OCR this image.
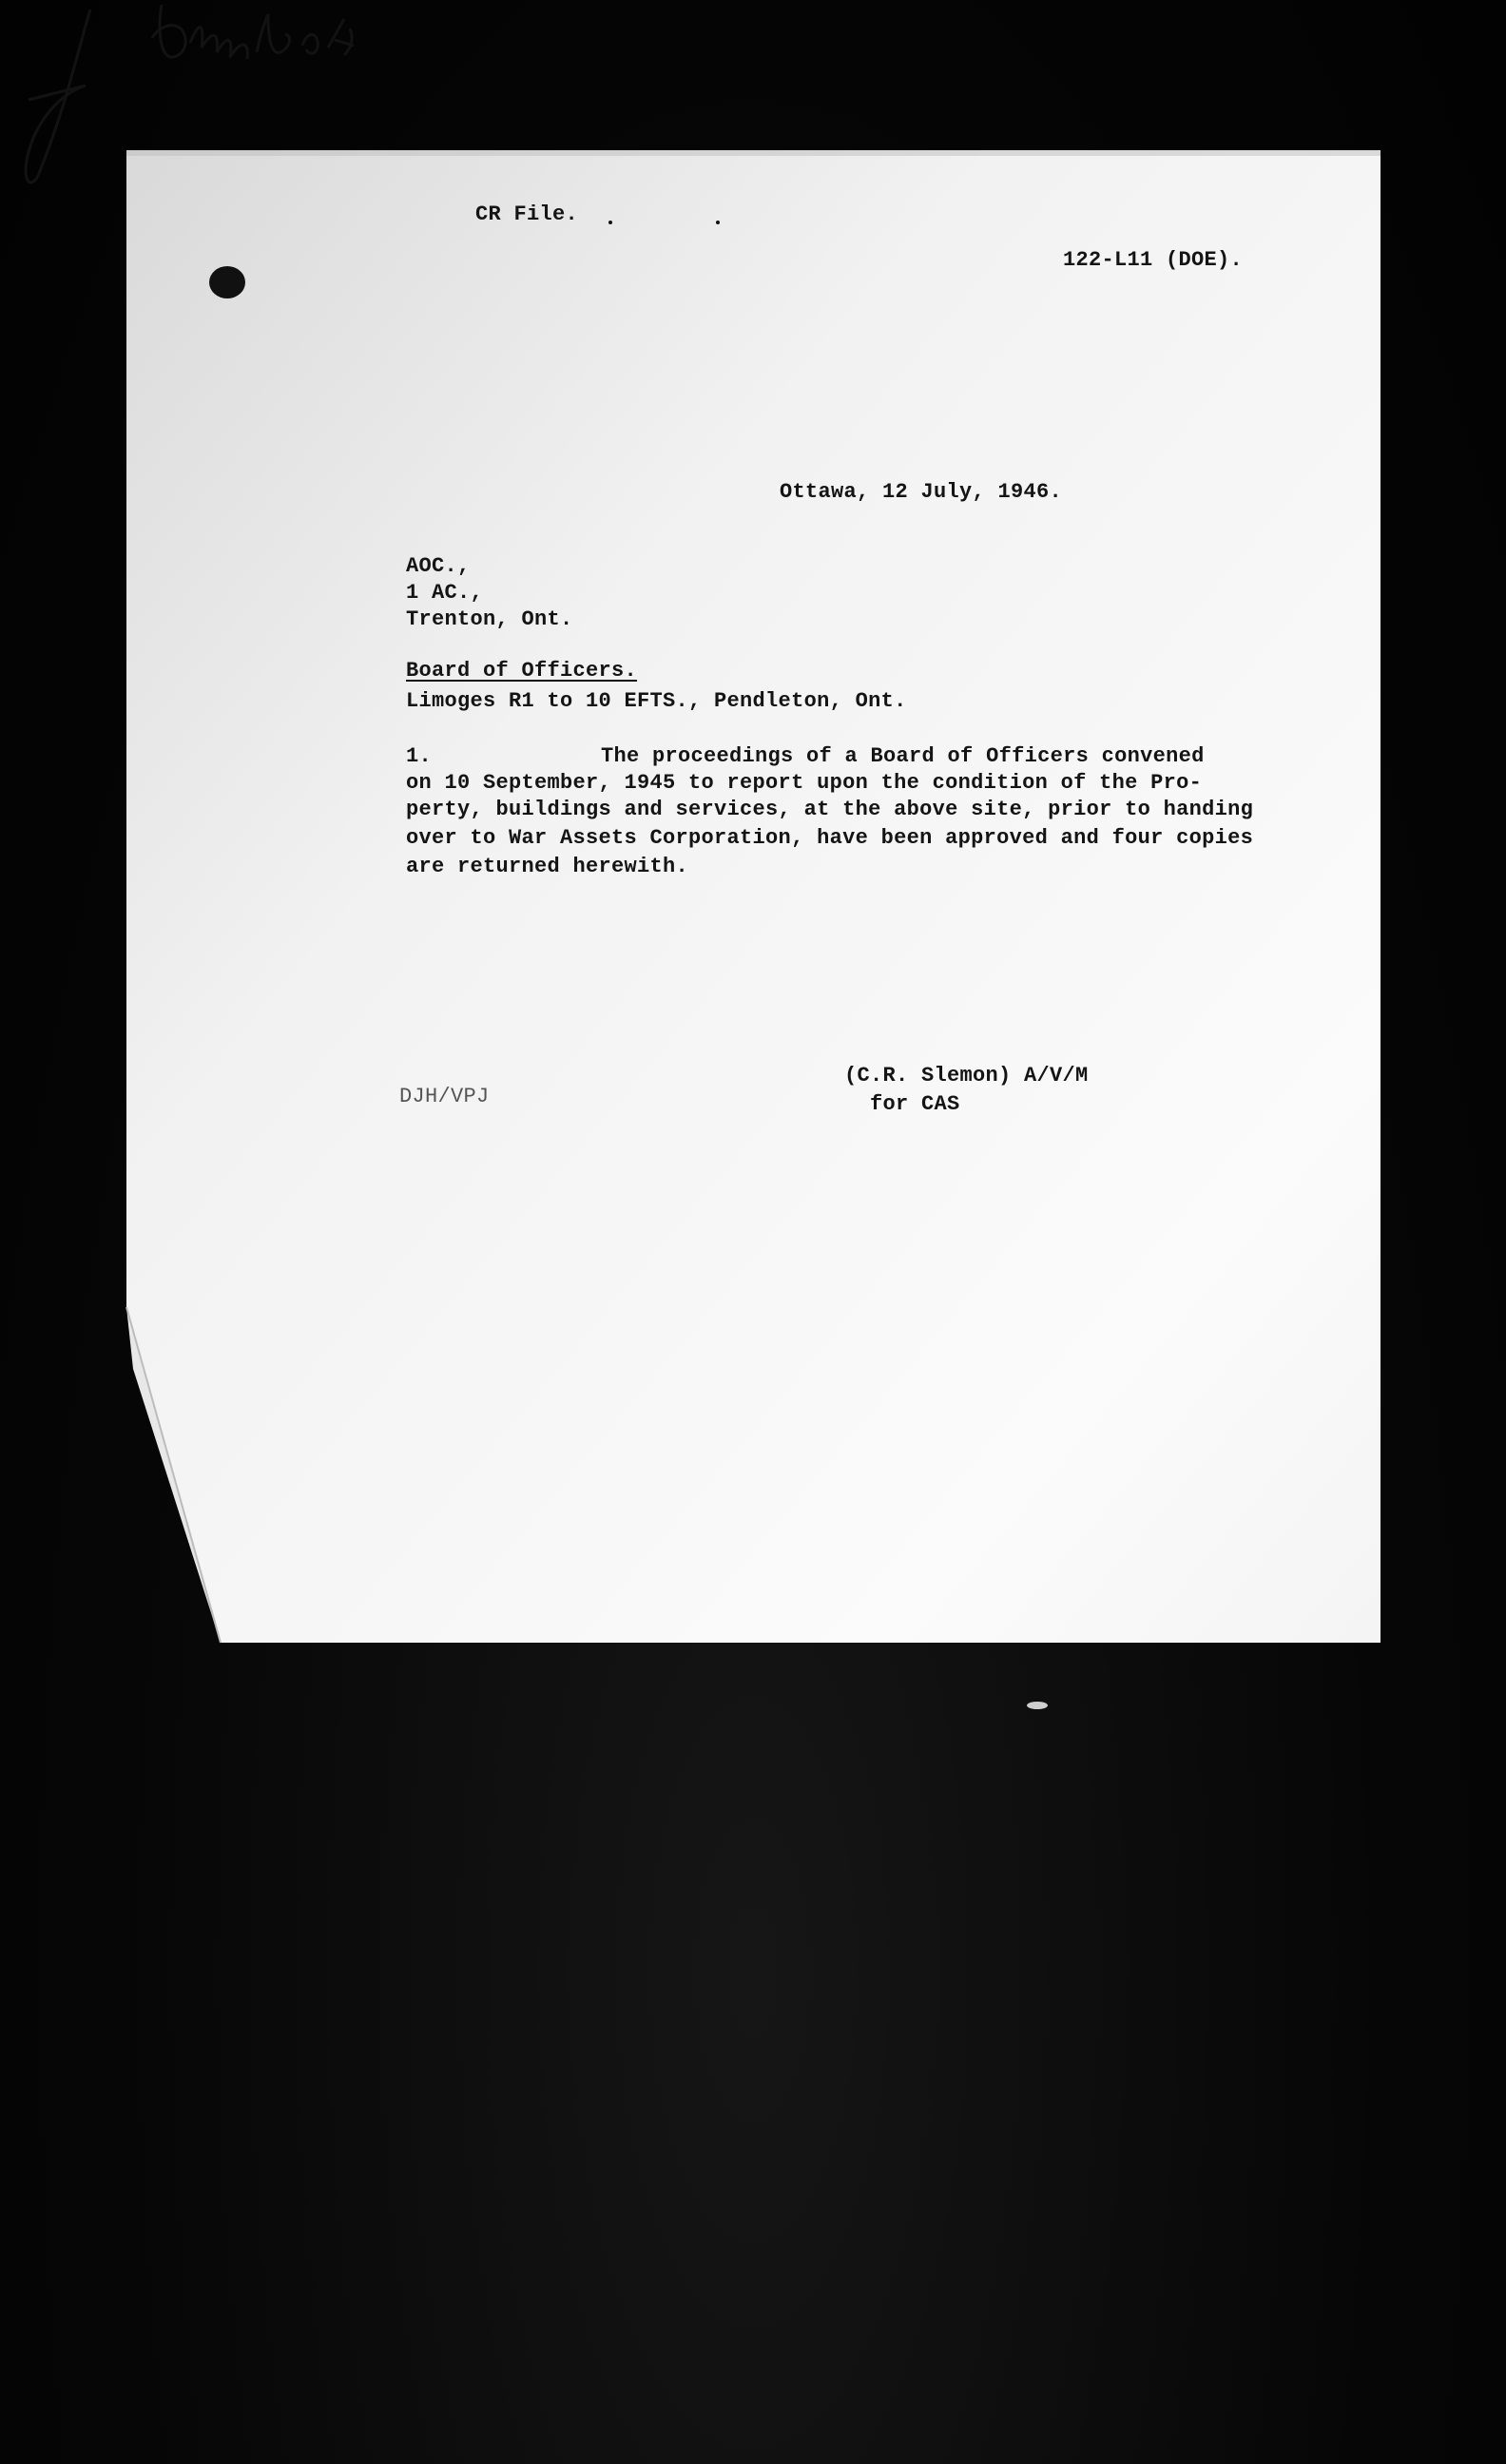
CR File.
122-L11 (DOE).
Ottawa, 12 July, 1946.
AOC.,
1 AC.,
Trenton, Ont.
Board of Officers.
Limoges R1 to 10 EFTS., Pendleton, Ont.
1.	The proceedings of a Board of Officers convened
on 10 September, 1945 to report upon the condition of the Pro-
perty, buildings and services, at the above site, prior to handing
over to War Assets Corporation, have been approved and four copies
are returned herewith.
DJH/VPJ
(C.R. Slemon) A/V/M
for CAS
